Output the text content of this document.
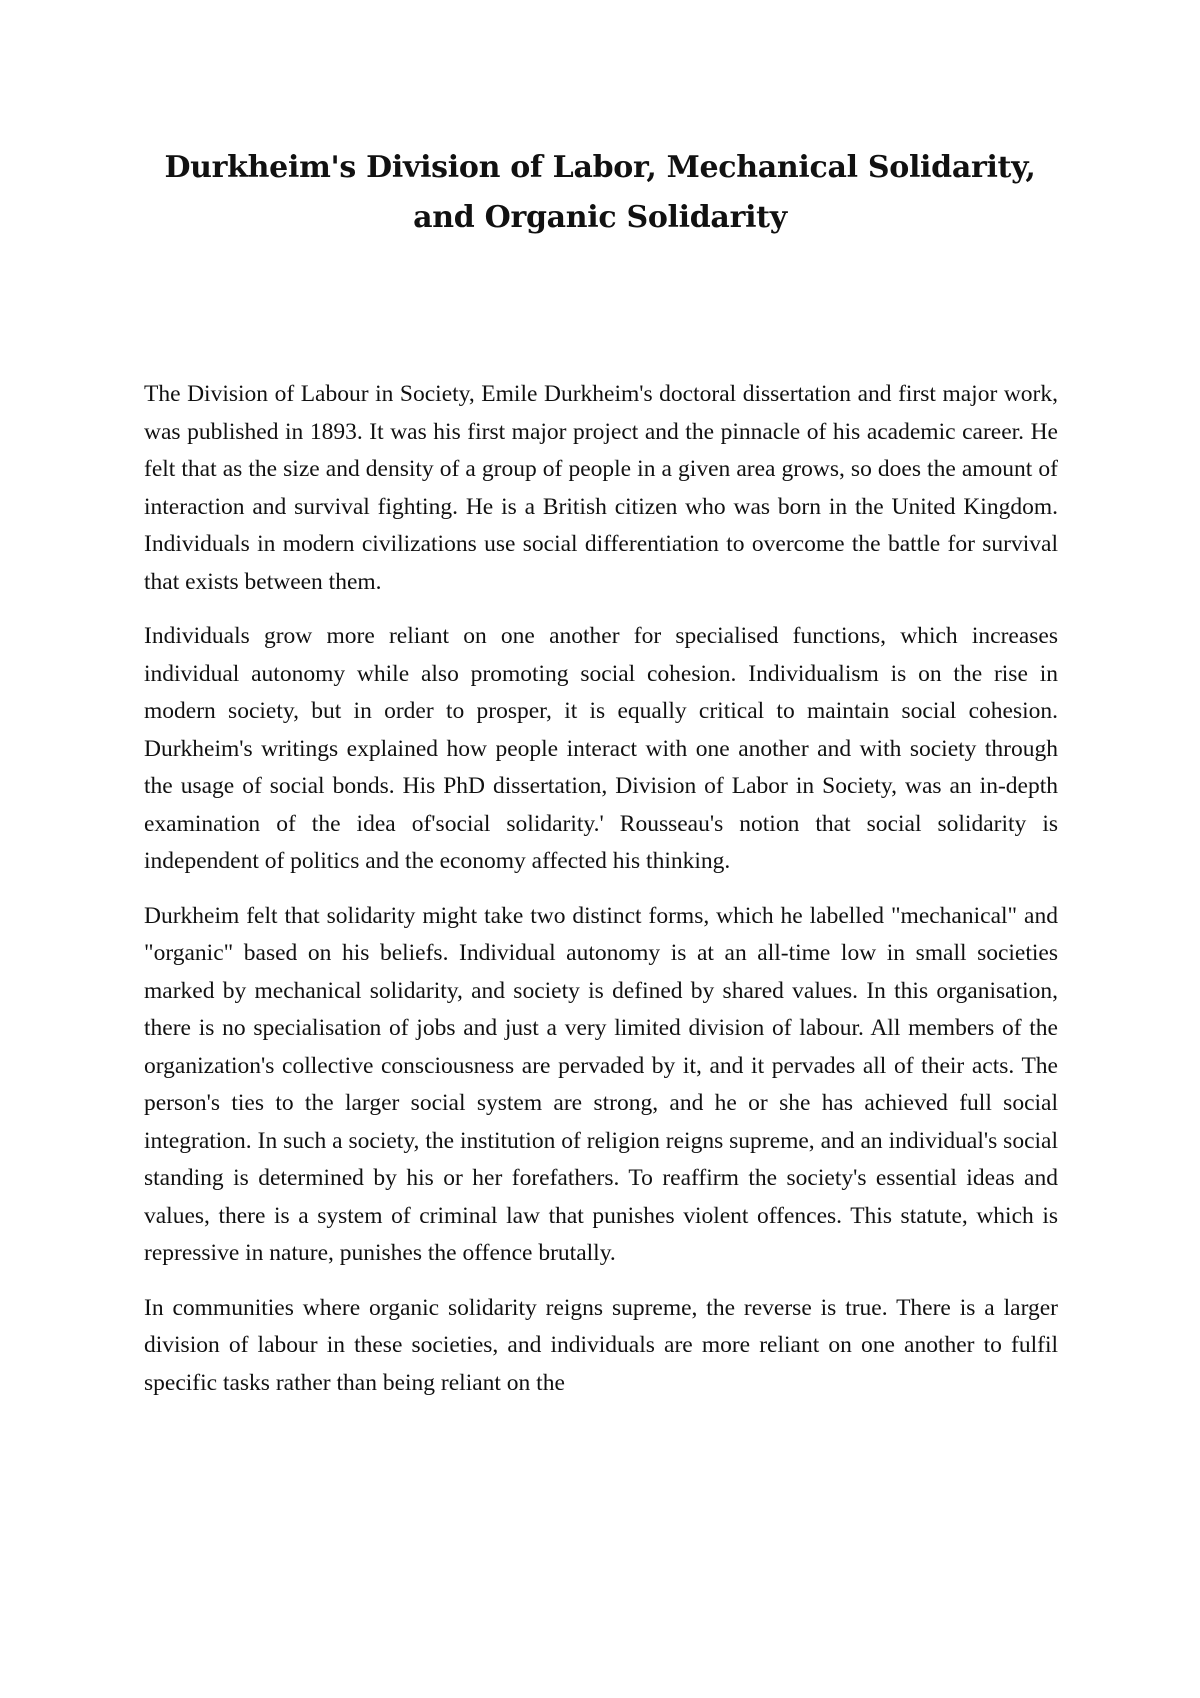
Durkheim's Division of Labor, Mechanical Solidarity, and Organic Solidarity

The Division of Labour in Society, Emile Durkheim's doctoral dissertation and first major work, was published in 1893. It was his first major project and the pinnacle of his academic career. He felt that as the size and density of a group of people in a given area grows, so does the amount of interaction and survival fighting. He is a British citizen who was born in the United Kingdom. Individuals in modern civilizations use social differentiation to overcome the battle for survival that exists between them.

Individuals grow more reliant on one another for specialised functions, which increases individual autonomy while also promoting social cohesion. Individualism is on the rise in modern society, but in order to prosper, it is equally critical to maintain social cohesion. Durkheim's writings explained how people interact with one another and with society through the usage of social bonds. His PhD dissertation, Division of Labor in Society, was an in-depth examination of the idea of'social solidarity.' Rousseau's notion that social solidarity is independent of politics and the economy affected his thinking.

Durkheim felt that solidarity might take two distinct forms, which he labelled "mechanical" and "organic" based on his beliefs. Individual autonomy is at an all-time low in small societies marked by mechanical solidarity, and society is defined by shared values. In this organisation, there is no specialisation of jobs and just a very limited division of labour. All members of the organization's collective consciousness are pervaded by it, and it pervades all of their acts. The person's ties to the larger social system are strong, and he or she has achieved full social integration. In such a society, the institution of religion reigns supreme, and an individual's social standing is determined by his or her forefathers. To reaffirm the society's essential ideas and values, there is a system of criminal law that punishes violent offences. This statute, which is repressive in nature, punishes the offence brutally.

In communities where organic solidarity reigns supreme, the reverse is true. There is a larger division of labour in these societies, and individuals are more reliant on one another to fulfil specific tasks rather than being reliant on the
